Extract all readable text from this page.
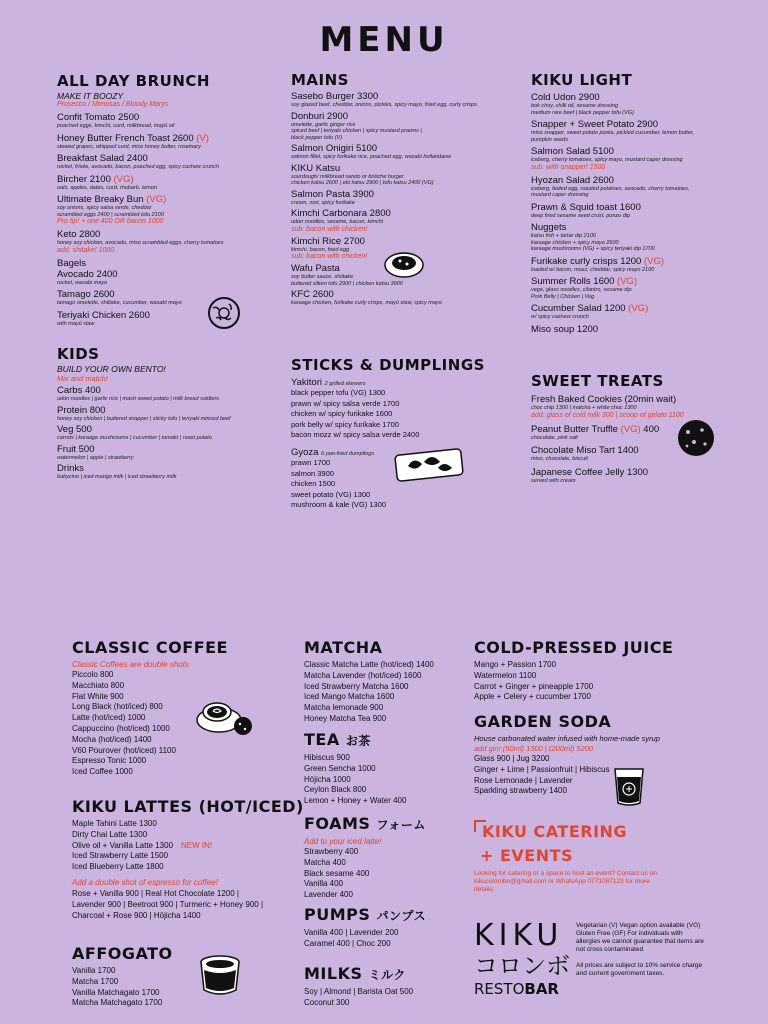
MENU
ALL DAY BRUNCH
MAKE IT BOOZY
Prosecco / Mimosas / Bloody Marys
Confit Tomato 2500
poached eggs, kimchi, curd, milkbread, mayū oil
Honey Butter French Toast 2600 (V)
stewed grapes, whipped curd, miso honey butter, rosemary
Breakfast Salad 2400
rocket, frisée, avocado, bacon, poached egg, spicy cashew crunch
Bircher 2100 (VG)
oats, apples, dates, curd, rhubarb, lemon
Ultimate Breaky Bun (VG)
soy onions, spicy salsa verde, cheddar
scrambled eggs 2400 | scrambled tofu 2100
Pro tip! + one 400 OR bacon 1000
Keto 2800
honey soy chicken, avocado, miso scrambled eggs, cherry tomatoes
add: shitake! 1000
Bagels
Avocado 2400
rocket, wasabi mayo
Tamago 2600
tamago omelette, shiitake, cucumber, wasabi mayo
Teriyaki Chicken 2600
with mayū slaw
KIDS
BUILD YOUR OWN BENTO!
Mix and match!
Carbs 400
udon noodles | garlic rice | mash sweet potato | milk bread soldiers
Protein 800
honey soy chicken | buttered snapper | sticky tofu | teriyaki minced beef
Veg 500
carrots | karaage mushrooms | cucumber | tomato | roast potato
Fruit 500
watermelon | apple | strawberry
Drinks
babycino | iced mango milk | iced strawberry milk
MAINS
Sasebo Burger 3300
soy glazed beef, cheddar, onions, pickles, spicy mayo, fried egg, curly crisps
Donburi 2900
omelette, garlic ginger rice
spiced beef | teriyaki chicken | spicy mustard prawns |
black pepper tofu (V)
Salmon Onigiri 5100
salmon fillet, spicy furikake rice, poached egg, wasabi hollandaise
KIKU Katsu
sourdough/ milkbread sando or brioche burger
chicken katsu 2600 | ebi katsu 2900 | tofu katsu 2400 (VG)
Salmon Pasta 3900
cream, nori, spicy furikake
Kimchi Carbonara 2800
udon noodles, sesame, bacon, kimchi
sub: bacon with chicken!
Kimchi Rice 2700
kimchi, bacon, fried egg
sub: bacon with chicken!
Wafu Pasta
soy butter sauce, shiitake
buttered silken tofu 2900 | chicken katsu 3900
KFC 2600
karaage chicken, furikake curly crisps, mayū slaw, spicy mayo
STICKS & DUMPLINGS
Yakitori 2 grilled skewers
black pepper tofu (VG) 1300
prawn w/ spicy salsa verde 1700
chicken w/ spicy furikake 1600
pork belly w/ spicy furikake 1700
bacon mozz w/ spicy salsa verde 2400
Gyoza 6 pan-fried dumplings
prawn 1700
salmon 3900
chicken 1500
sweet potato (VG) 1300
mushroom & kale (VG) 1300
KIKU LIGHT
Cold Udon 2900
bok choy, chilli oil, sesame dressing
medium rare beef | black pepper tofu (VG)
Snapper + Sweet Potato 2900
miso snapper, sweet potato purée, pickled cucumber, lemon butter,
pumpkin seeds
Salmon Salad 5100
iceberg, cherry tomatoes, spicy mayo, mustard caper dressing
sub: with snapper! 1500
Hyozan Salad 2600
iceberg, boiled egg, roasted potatoes, avocado, cherry tomatoes,
mustard caper dressing
Prawn & Squid toast 1600
deep fried sesame seed crust, ponzu dip
Nuggets
katsu fish + tartar dip 2100
karaage chicken + spicy mayo 2600
karaage mushrooms (VG) + spicy teriyaki dip 1700
Furikake curly crisps 1200 (VG)
loaded w/ bacon, mozz, cheddar, spicy mayo 2100
Summer Rolls 1600 (VG)
vege, glass noodles, cilantro, sesame dip
Pork Belly | Chicken | Veg
Cucumber Salad 1200 (VG)
w/ spicy cashew crunch
Miso soup 1200
SWEET TREATS
Fresh Baked Cookies (20min wait)
choc chip 1300 | matcha + white choc 1300
add: glass of cold milk 300 | scoop of gelato 1100
Peanut Butter Truffle (VG) 400
chocolate, pink salt
Chocolate Miso Tart 1400
miso, chocolate, biscuit
Japanese Coffee Jelly 1300
served with cream
CLASSIC COFFEE
Classic Coffees are double shots
Piccolo 800
Macchiato 800
Flat White 900
Long Black (hot/iced) 800
Latte (hot/iced) 1000
Cappuccino (hot/iced) 1000
Mocha (hot/iced) 1400
V60 Pourover (hot/iced) 1100
Espresso Tonic 1000
Iced Coffee 1000
KIKU LATTES (HOT/ICED)
Maple Tahini Latte 1300
Dirty Chai Latte 1300
Olive oil + Vanilla Latte 1300 NEW IN!
Iced Strawberry Latte 1500
Iced Blueberry Latte 1800
Add a double shot of espresso for coffee!
Rose + Vanilla 900 | Real Hot Chocolate 1200 |
Lavender 900 | Beetroot 900 | Turmeric + Honey 900 |
Charcoal + Rose 900 | Hōjicha 1400
AFFOGATO
Vanilla 1700
Matcha 1700
Vanilla Matchagato 1700
Matcha Matchagato 1700
MATCHA
Classic Matcha Latte (hot/iced) 1400
Matcha Lavender (hot/iced) 1600
Iced Strawberry Matcha 1600
Iced Mango Matcha 1600
Matcha lemonade 900
Honey Matcha Tea 900
TEA お茶
Hibiscus 900
Green Sencha 1000
Hōjicha 1000
Ceylon Black 800
Lemon + Honey + Water 400
FOAMS フォーム
Add to your iced latte!
Strawberry 400
Matcha 400
Black sesame 400
Vanilla 400
Lavender 400
PUMPS パンプス
Vanilla 400 | Lavender 200
Caramel 400 | Choc 200
MILKS ミルク
Soy | Almond | Barista Oat 500
Coconut 300
COLD-PRESSED JUICE
Mango + Passion 1700
Watermelon 1100
Carrot + Ginger + pineapple 1700
Apple + Celery + cucumber 1700
GARDEN SODA
House carbonated water infused with home-made syrup
add gin! (50ml) 1300 | (200ml) 5200
Glass 900 | Jug 3200
Ginger + Lime | Passionfruit | Hibiscus
Rose Lemonade | Lavender
Sparkling strawberry 1400
KIKU CATERING
+ EVENTS
Looking for catering or a space to host an event? Contact us on kikucolombo@gmail.com or WhatsApp 0771087123 for more details.
KIKU
コロンボ
RESTOBAR
Vegetarian (V) Vegan option available (VG) Gluten Free (GF) For individuals with allergies we cannot guarantee that items are not cross contaminated
All prices are subject to 10% service charge and current government taxes.
